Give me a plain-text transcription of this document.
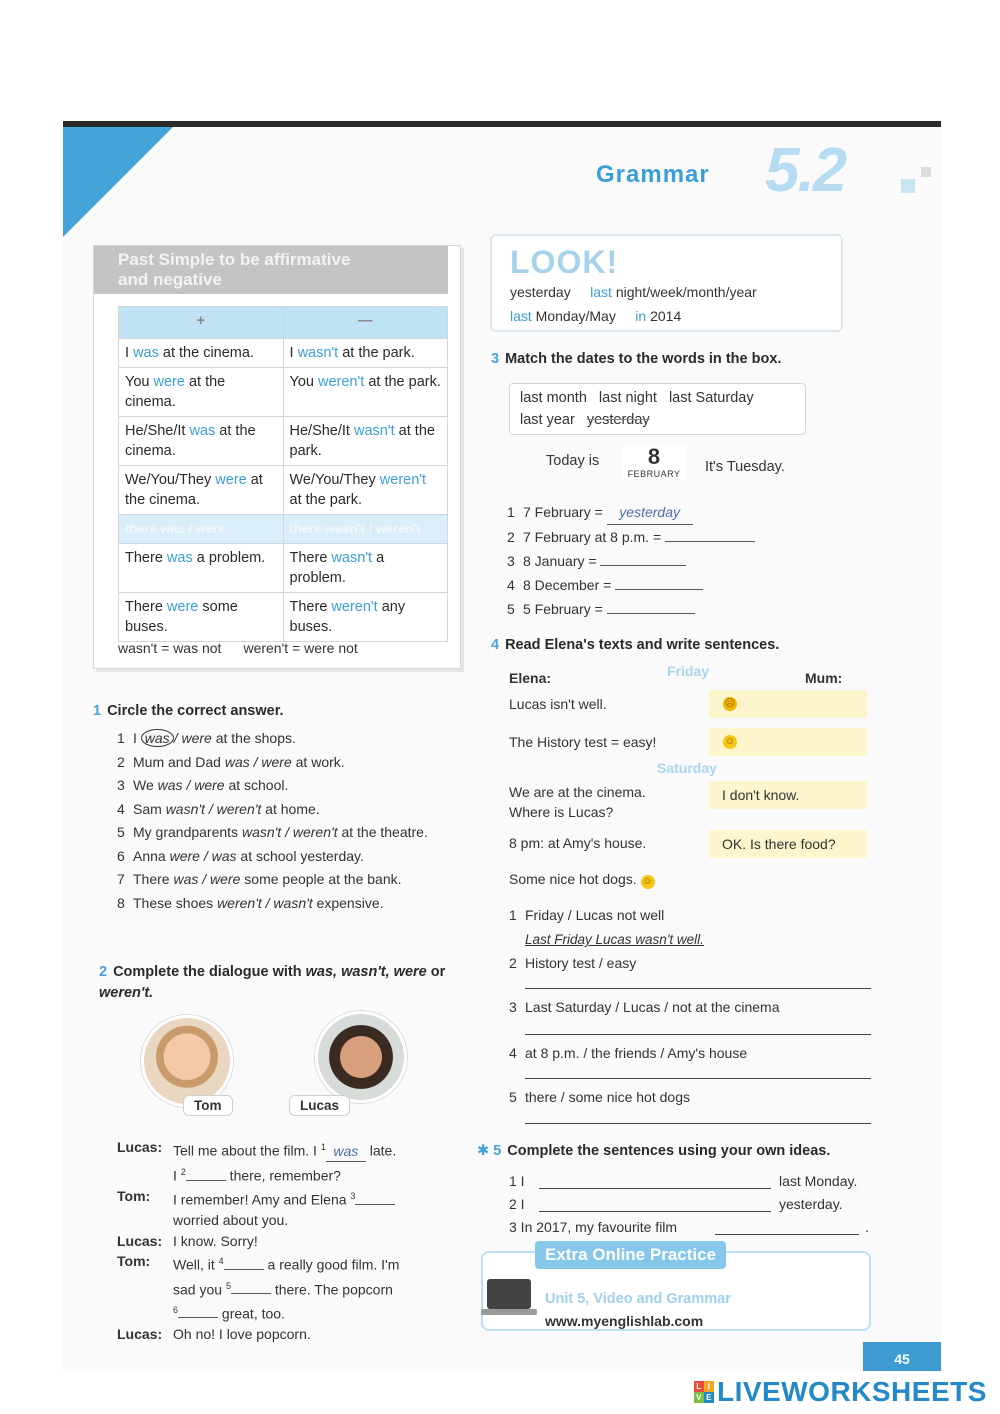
Grammar 5.2
Past Simple to be affirmative
and negative
+	—
I was at the cinema.	I wasn't at the park.
You were at the cinema.	You weren't at the park.
He/She/It was at the cinema.	He/She/It wasn't at the park.
We/You/They were at the cinema.	We/You/They weren't at the park.
there was / were	there wasn't / weren't
There was a problem.	There wasn't a problem.
There were some buses.	There weren't any buses.
wasn't = was not weren't = were not
1 Circle the correct answer.
1 I was / were at the shops.
2 Mum and Dad was / were at work.
3 We was / were at school.
4 Sam wasn't / weren't at home.
5 My grandparents wasn't / weren't at the theatre.
6 Anna were / was at school yesterday.
7 There was / were some people at the bank.
8 These shoes weren't / wasn't expensive.
2 Complete the dialogue with was, wasn't, were or weren't.
Tom	Lucas
Lucas: Tell me about the film. I $^1$ was late.
I $^2$	there, remember?
Tom:	I remember! Amy and Elena $^3$
worried about you.
Lucas: I know. Sorry!
Tom:	Well, it $^4$	a really good film. I'm
sad you $^5$	there. The popcorn
$^6$	great, too.
Lucas: Oh no! I love popcorn.
LOOK!
yesterday last night/week/month/year
last Monday/May in 2014
3 Match the dates to the words in the box.
last month last night last Saturday
last year yesterday
Today is	8
FEBRUARY	It's Tuesday.
1 7 February = yesterday
2 7 February at 8 p.m. =
3 8 January =
4 8 December =
5 5 February =
4 Read Elena's texts and write sentences.
Elena:	Friday	Mum:
☹
Lucas isn't well.
☺
The History test = easy!
Saturday
We are at the cinema.
Where is Lucas?
I don't know.
8 pm: at Amy's house.	OK. Is there food?
Some nice hot dogs. ☺
1 Friday / Lucas not well
Last Friday Lucas wasn't well.
2 History test / easy
3 Last Saturday / Lucas / not at the cinema
4 at 8 p.m. / the friends / Amy's house
5 there / some nice hot dogs
✱ 5 Complete the sentences using your own ideas.
1 I	last Monday.
2 I	yesterday.
3 In 2017, my favourite film	.
Extra Online Practice
Unit 5, Video and Grammar
www.myenglishlab.com
45
L I
V E LIVEWORKSHEETS
